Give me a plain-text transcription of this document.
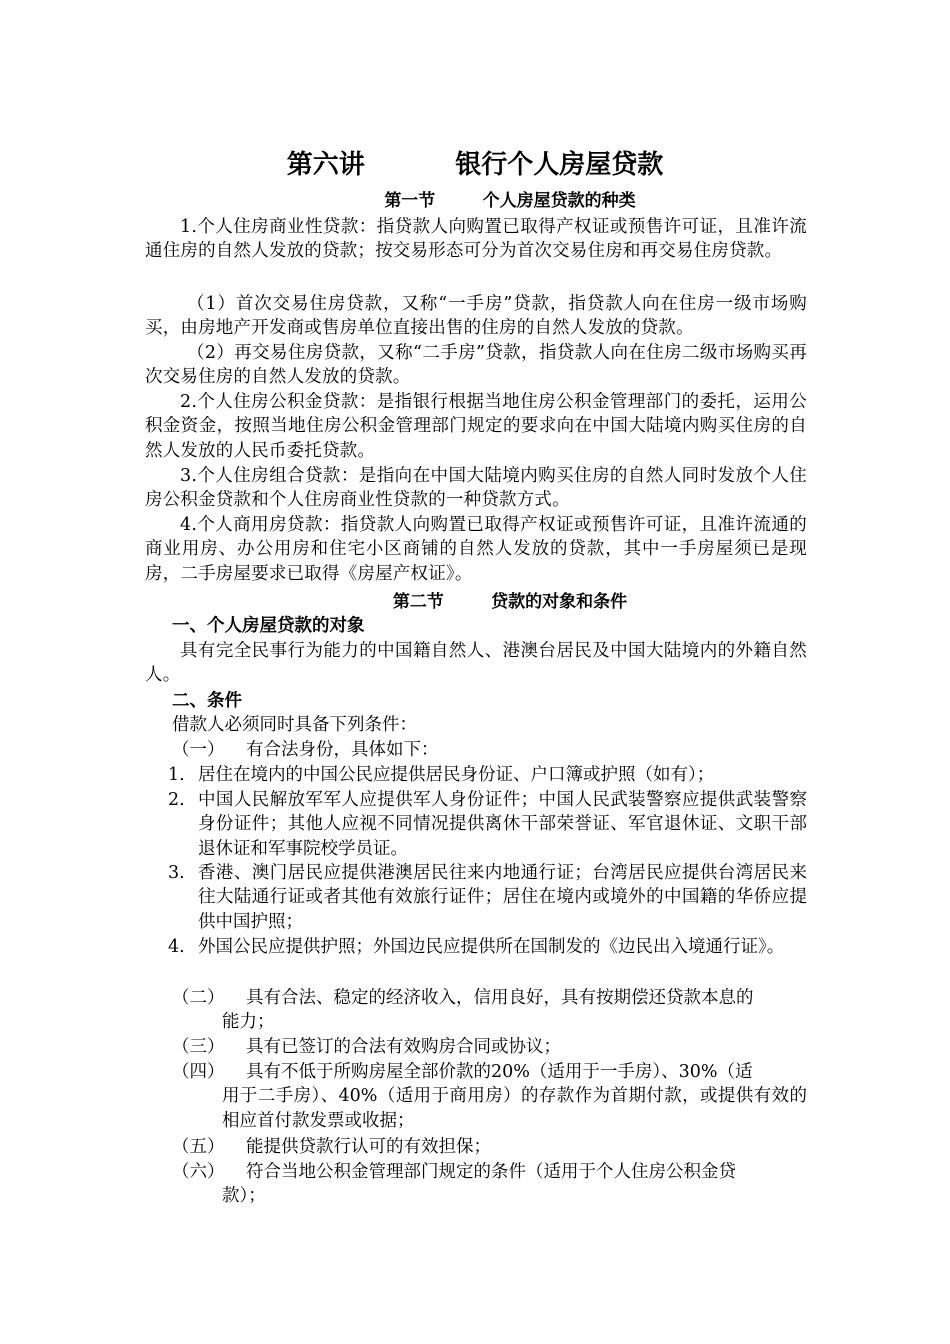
第六讲          银行个人房屋贷款
第一节        个人房屋贷款的种类
1.个人住房商业性贷款：指贷款人向购置已取得产权证或预售许可证，且准许流通住房的自然人发放的贷款；按交易形态可分为首次交易住房和再交易住房贷款。
（1）首次交易住房贷款，又称“一手房”贷款，指贷款人向在住房一级市场购买，由房地产开发商或售房单位直接出售的住房的自然人发放的贷款。
（2）再交易住房贷款，又称“二手房”贷款，指贷款人向在住房二级市场购买再次交易住房的自然人发放的贷款。
2.个人住房公积金贷款：是指银行根据当地住房公积金管理部门的委托，运用公积金资金，按照当地住房公积金管理部门规定的要求向在中国大陆境内购买住房的自然人发放的人民币委托贷款。
3.个人住房组合贷款：是指向在中国大陆境内购买住房的自然人同时发放个人住房公积金贷款和个人住房商业性贷款的一种贷款方式。
4.个人商用房贷款：指贷款人向购置已取得产权证或预售许可证，且准许流通的商业用房、办公用房和住宅小区商铺的自然人发放的贷款，其中一手房屋须已是现房，二手房屋要求已取得《房屋产权证》。
第二节        贷款的对象和条件
一、个人房屋贷款的对象
具有完全民事行为能力的中国籍自然人、港澳台居民及中国大陆境内的外籍自然人。
二、条件
借款人必须同时具备下列条件：
（一）	有合法身份，具体如下：
1. 居住在境内的中国公民应提供居民身份证、户口簿或护照（如有）；
2. 中国人民解放军军人应提供军人身份证件；中国人民武装警察应提供武装警察身份证件；其他人应视不同情况提供离休干部荣誉证、军官退休证、文职干部退休证和军事院校学员证。
3. 香港、澳门居民应提供港澳居民往来内地通行证；台湾居民应提供台湾居民来往大陆通行证或者其他有效旅行证件；居住在境内或境外的中国籍的华侨应提供中国护照；
4. 外国公民应提供护照；外国边民应提供所在国制发的《边民出入境通行证》。
（二）	具有合法、稳定的经济收入，信用良好，具有按期偿还贷款本息的
能力；
（三）	具有已签订的合法有效购房合同或协议；
（四）	具有不低于所购房屋全部价款的20%（适用于一手房）、30%（适
用于二手房）、40%（适用于商用房）的存款作为首期付款，或提供有效的相应首付款发票或收据；
（五）	能提供贷款行认可的有效担保；
（六）	符合当地公积金管理部门规定的条件（适用于个人住房公积金贷
款）；
